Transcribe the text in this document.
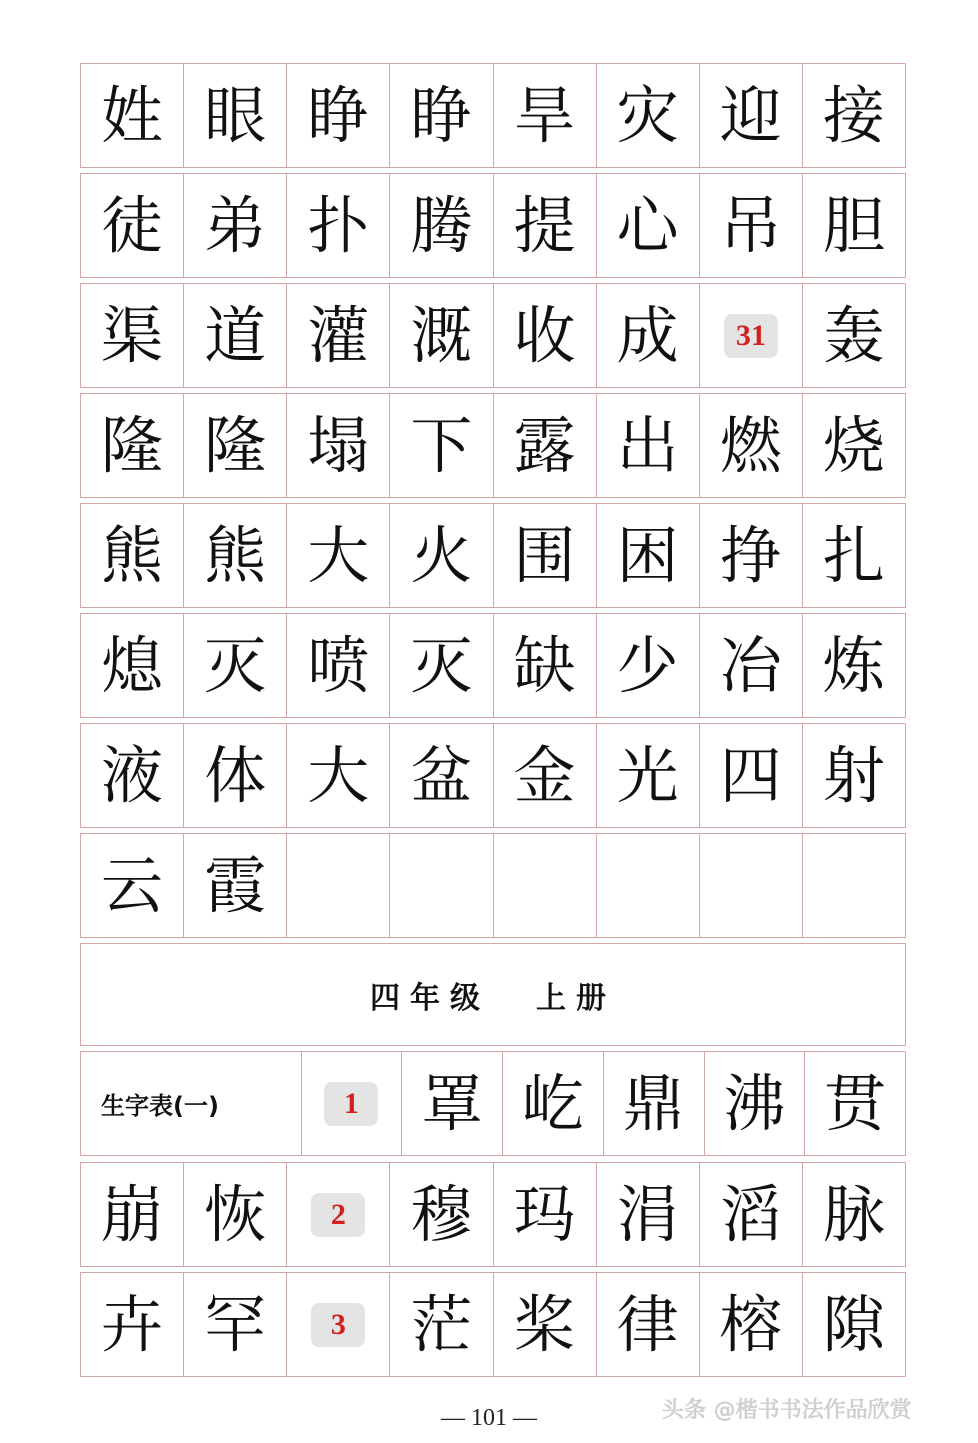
姓 眼 睁 睁 旱 灾 迎 接
徒 弟 扑 腾 提 心 吊 胆
渠 道 灌 溉 收 成	31 轰
隆 隆 塌 下 露 出 燃 烧
熊 熊 大 火 围 困 挣 扎
熄 灭 喷 灭 缺 少 冶 炼
液 体 大 盆 金 光 四 射
云 霞
四年级 上册
生字表(一)	1	罩 屹 鼎 沸 贯
崩 恢	2	穆 玛 涓 滔 脉
卉 罕	3	茫 桨 律 榕 隙
— 101 —	头条 @楷书书法作品欣赏
